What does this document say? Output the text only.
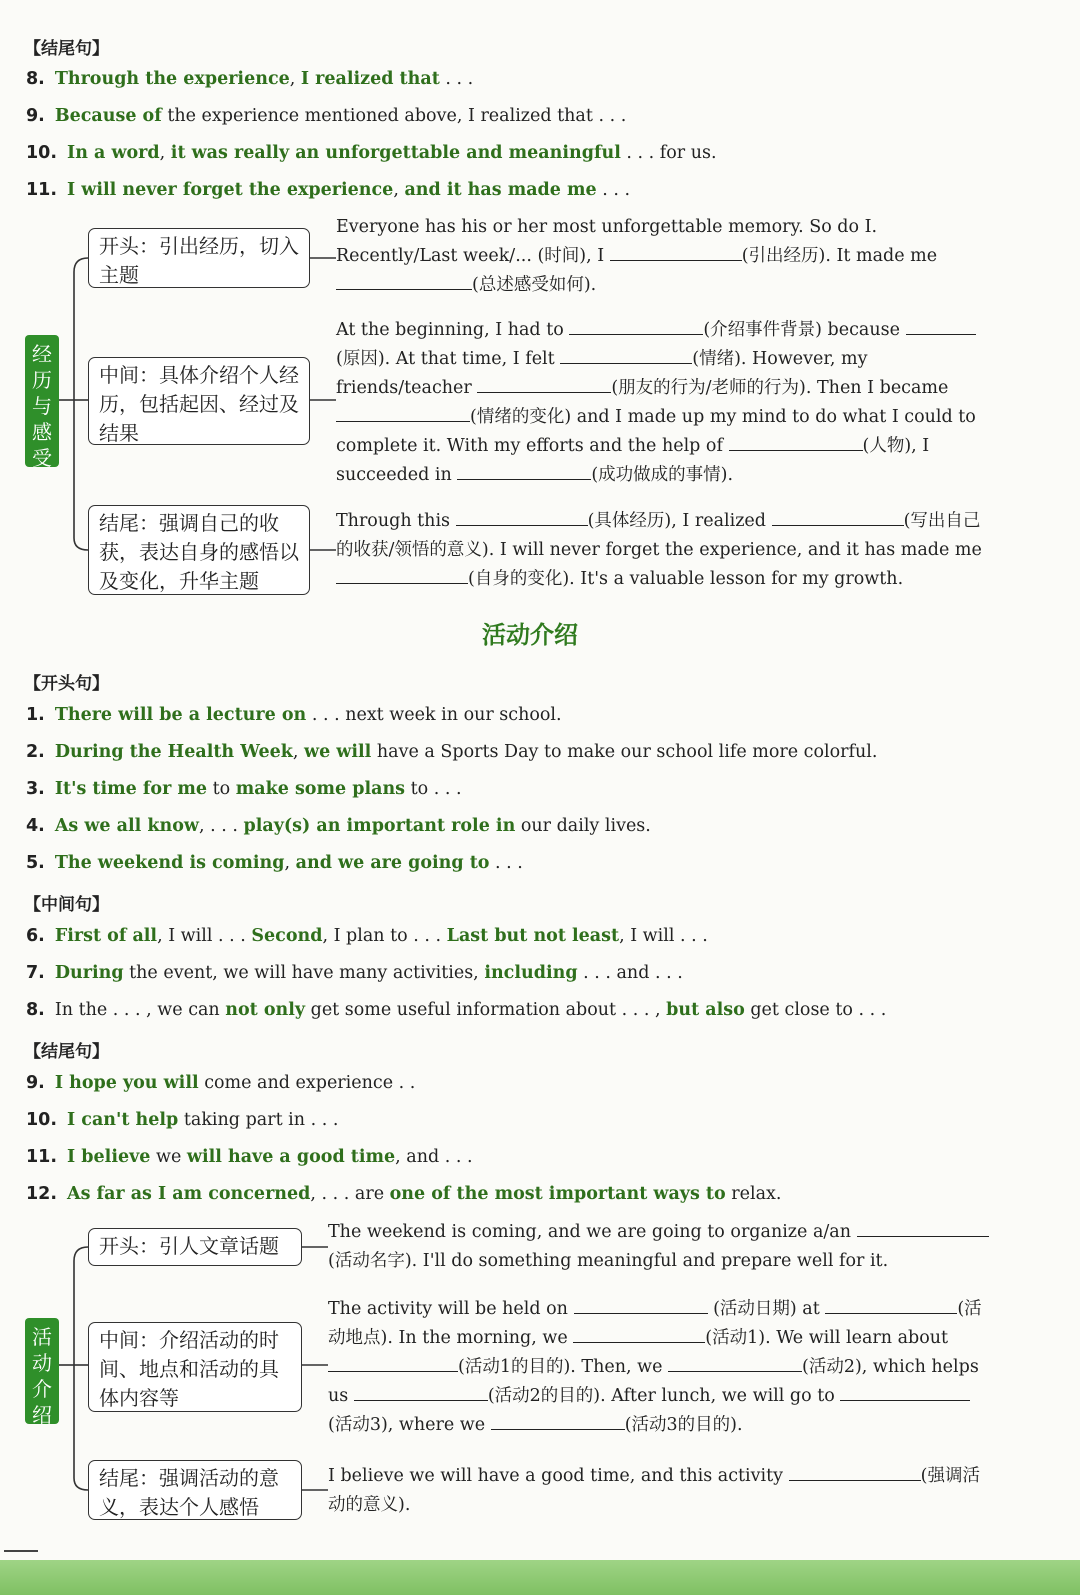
【结尾句】
8. Through the experience, I realized that . . .
9. Because of the experience mentioned above, I realized that . . .
10. In a word, it was really an unforgettable and meaningful . . . for us.
11. I will never forget the experience, and it has made me . . .
经
历
与
感
受
开头：引出经历，切入主题
中间：具体介绍个人经历，包括起因、经过及结果
结尾：强调自己的收获，表达自身的感悟以及变化，升华主题
Everyone has his or her most unforgettable memory. So do I. Recently/Last week/... (时间), I	(引出经历). It made me (总述感受如何).
At the beginning, I had to	(介绍事件背景) because (原因). At that time, I felt	(情绪). However, my friends/teacher	(朋友的行为/老师的行为). Then I became (情绪的变化) and I made up my mind to do what I could to complete it. With my efforts and the help of	(人物), I succeeded in	(成功做成的事情).
Through this	(具体经历), I realized	(写出自己的收获/领悟的意义). I will never forget the experience, and it has made me (自身的变化). It's a valuable lesson for my growth.
活动介绍
【开头句】
1. There will be a lecture on . . . next week in our school.
2. During the Health Week, we will have a Sports Day to make our school life more colorful.
3. It's time for me to make some plans to . . .
4. As we all know, . . . play(s) an important role in our daily lives.
5. The weekend is coming, and we are going to . . .
【中间句】
6. First of all, I will . . . Second, I plan to . . . Last but not least, I will . . .
7. During the event, we will have many activities, including . . . and . . .
8. In the . . . , we can not only get some useful information about . . . , but also get close to . . .
【结尾句】
9. I hope you will come and experience . .
10. I can't help taking part in . . .
11. I believe we will have a good time, and . . .
12. As far as I am concerned, . . . are one of the most important ways to relax.
活
动
介
绍
开头：引人文章话题
中间：介绍活动的时间、地点和活动的具体内容等
结尾：强调活动的意义，表达个人感悟
The weekend is coming, and we are going to organize a/an (活动名字). I'll do something meaningful and prepare well for it.
The activity will be held on	(活动日期) at	(活动地点). In the morning, we	(活动1). We will learn about (活动1的目的). Then, we	(活动2), which helps us	(活动2的目的). After lunch, we will go to (活动3), where we	(活动3的目的).
I believe we will have a good time, and this activity	(强调活动的意义).
